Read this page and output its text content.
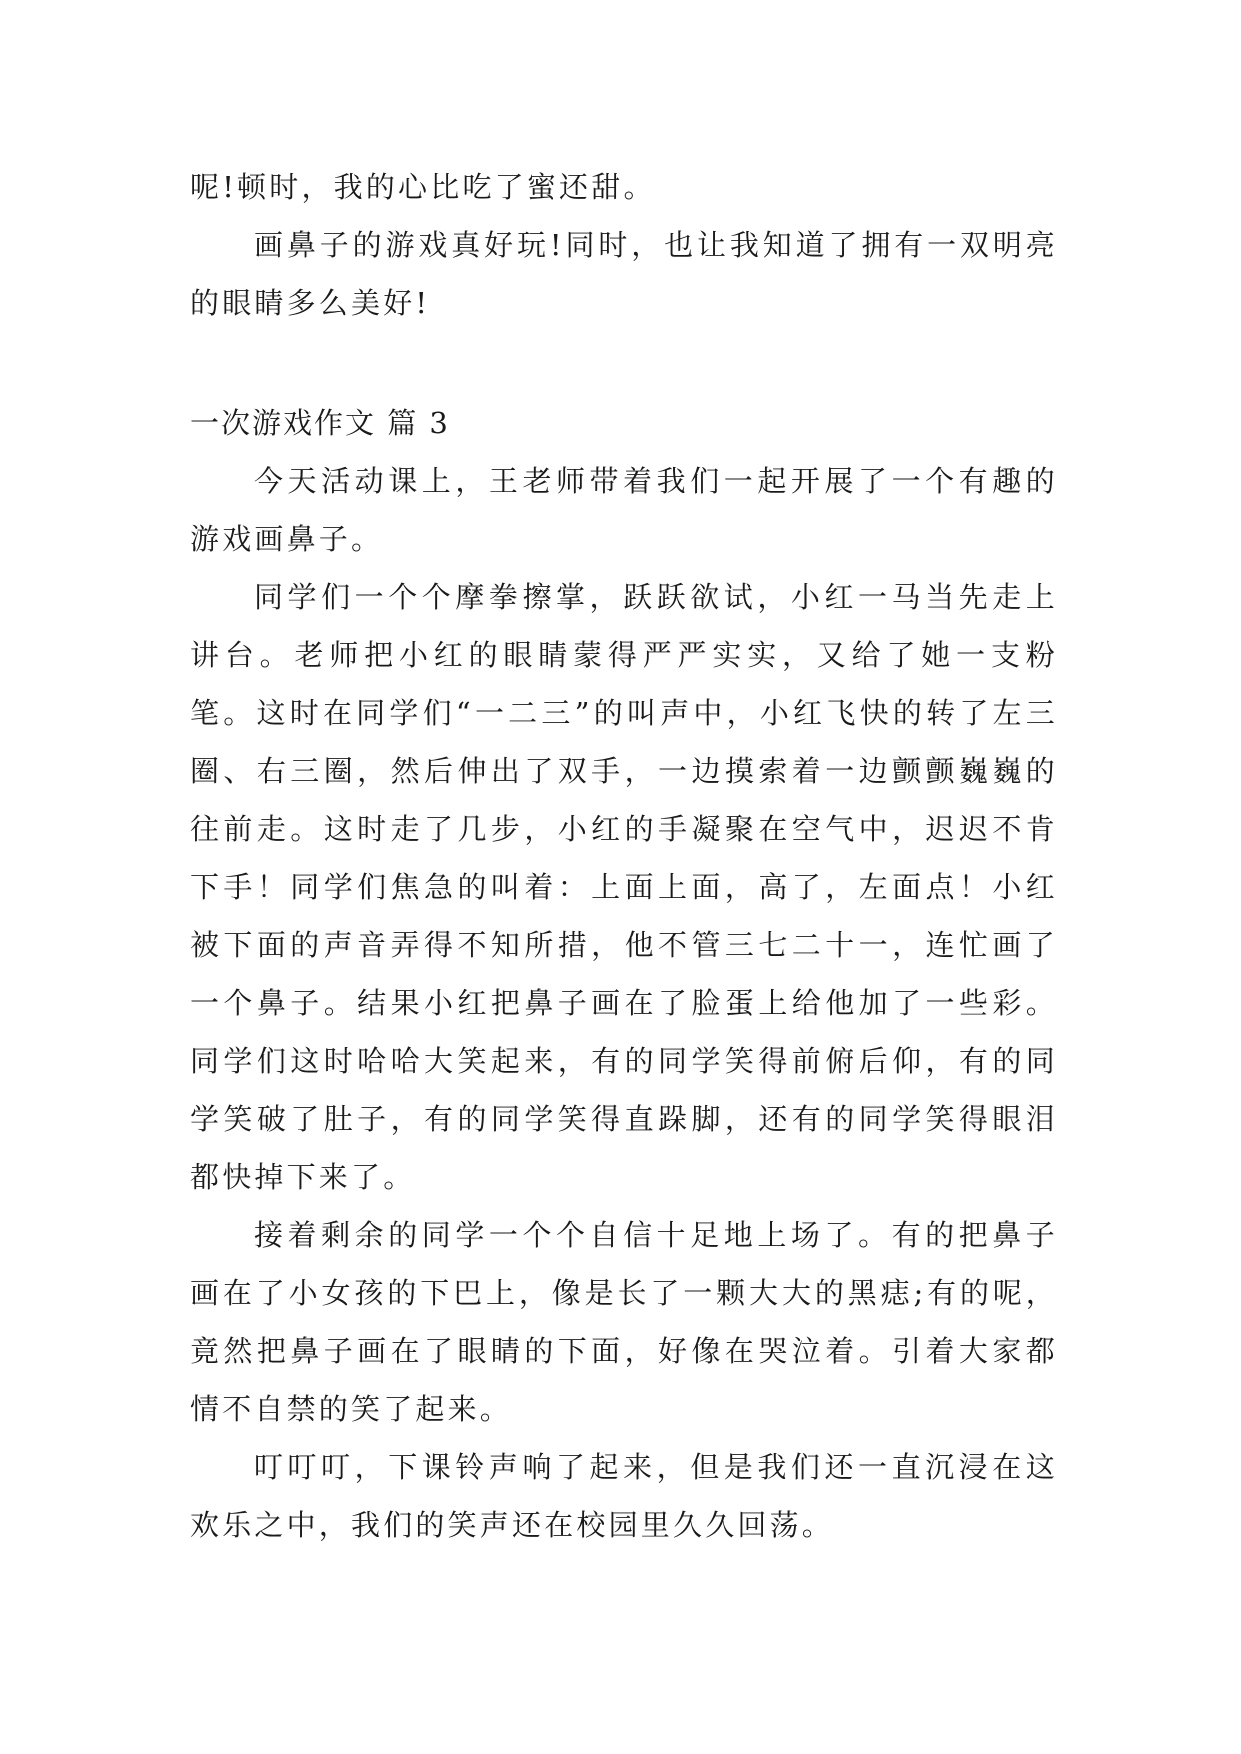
呢!顿时，我的心比吃了蜜还甜。

画鼻子的游戏真好玩!同时，也让我知道了拥有一双明亮的眼睛多么美好!

一次游戏作文 篇 3

今天活动课上，王老师带着我们一起开展了一个有趣的游戏画鼻子。

同学们一个个摩拳擦掌，跃跃欲试，小红一马当先走上讲台。老师把小红的眼睛蒙得严严实实，又给了她一支粉笔。这时在同学们“一二三”的叫声中，小红飞快的转了左三圈、右三圈，然后伸出了双手，一边摸索着一边颤颤巍巍的往前走。这时走了几步，小红的手凝聚在空气中，迟迟不肯下手！同学们焦急的叫着：上面上面，高了，左面点！小红被下面的声音弄得不知所措，他不管三七二十一，连忙画了一个鼻子。结果小红把鼻子画在了脸蛋上给他加了一些彩。同学们这时哈哈大笑起来，有的同学笑得前俯后仰，有的同学笑破了肚子，有的同学笑得直跺脚，还有的同学笑得眼泪都快掉下来了。

接着剩余的同学一个个自信十足地上场了。有的把鼻子画在了小女孩的下巴上，像是长了一颗大大的黑痣;有的呢，竟然把鼻子画在了眼睛的下面，好像在哭泣着。引着大家都情不自禁的笑了起来。

叮叮叮，下课铃声响了起来，但是我们还一直沉浸在这欢乐之中，我们的笑声还在校园里久久回荡。
